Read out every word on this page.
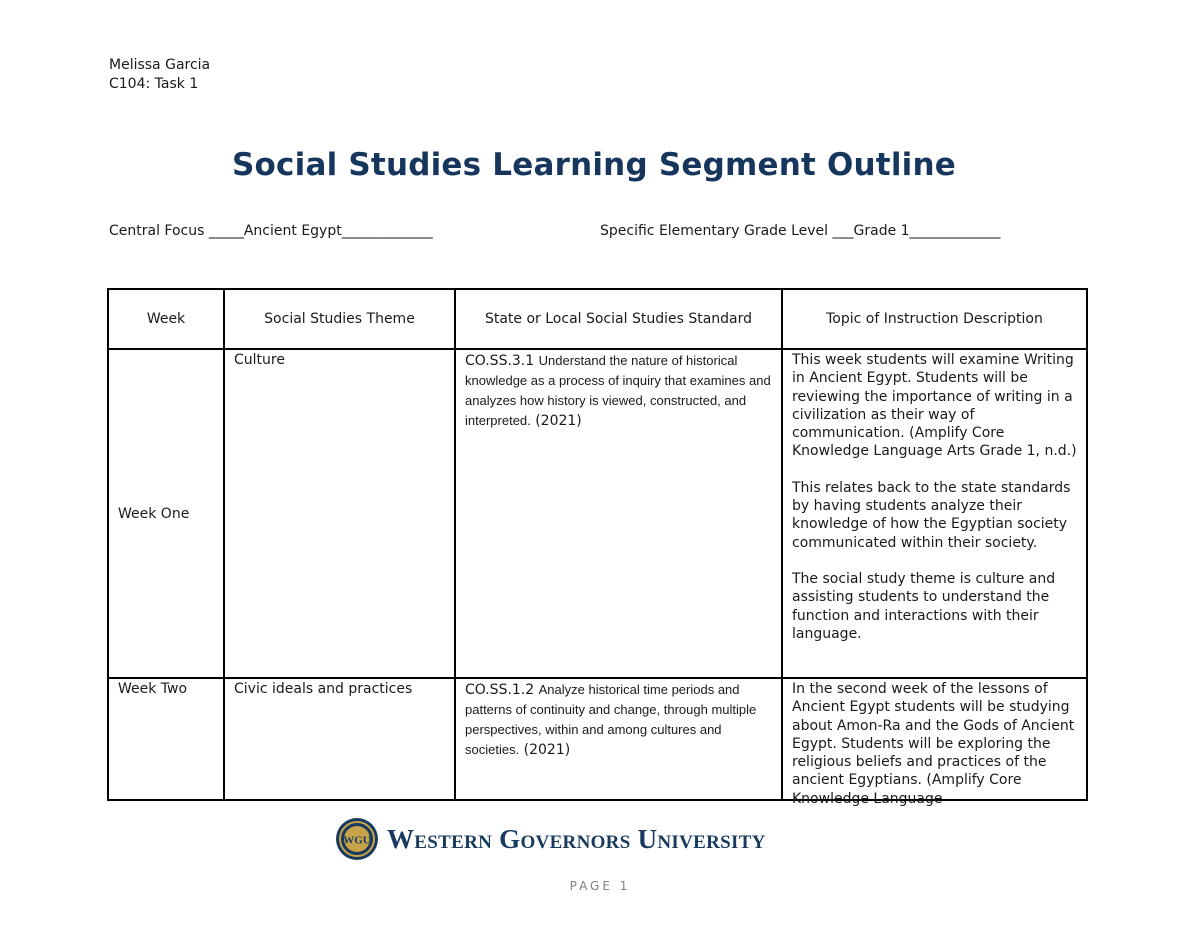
Melissa Garcia
C104: Task 1
Social Studies Learning Segment Outline
Central Focus _____Ancient Egypt_____________	Specific Elementary Grade Level ___Grade 1_____________
Week	Social Studies Theme	State or Local Social Studies Standard	Topic of Instruction Description

Week One	Culture	CO.SS.3.1 Understand the nature of historical knowledge as a process of inquiry that examines and analyzes how history is viewed, constructed, and interpreted. (2021)	This week students will examine Writing in Ancient Egypt. Students will be reviewing the importance of writing in a civilization as their way of communication. (Amplify Core Knowledge Language Arts Grade 1, n.d.)

This relates back to the state standards by having students analyze their knowledge of how the Egyptian society communicated within their society.

The social study theme is culture and assisting students to understand the function and interactions with their language.

Week Two	Civic ideals and practices	CO.SS.1.2 Analyze historical time periods and patterns of continuity and change, through multiple perspectives, within and among cultures and societies. (2021)	In the second week of the lessons of Ancient Egypt students will be studying about Amon-Ra and the Gods of Ancient Egypt. Students will be exploring the religious beliefs and practices of the ancient Egyptians. (Amplify Core Knowledge Language

WGU Western Governors University
PAGE 1
